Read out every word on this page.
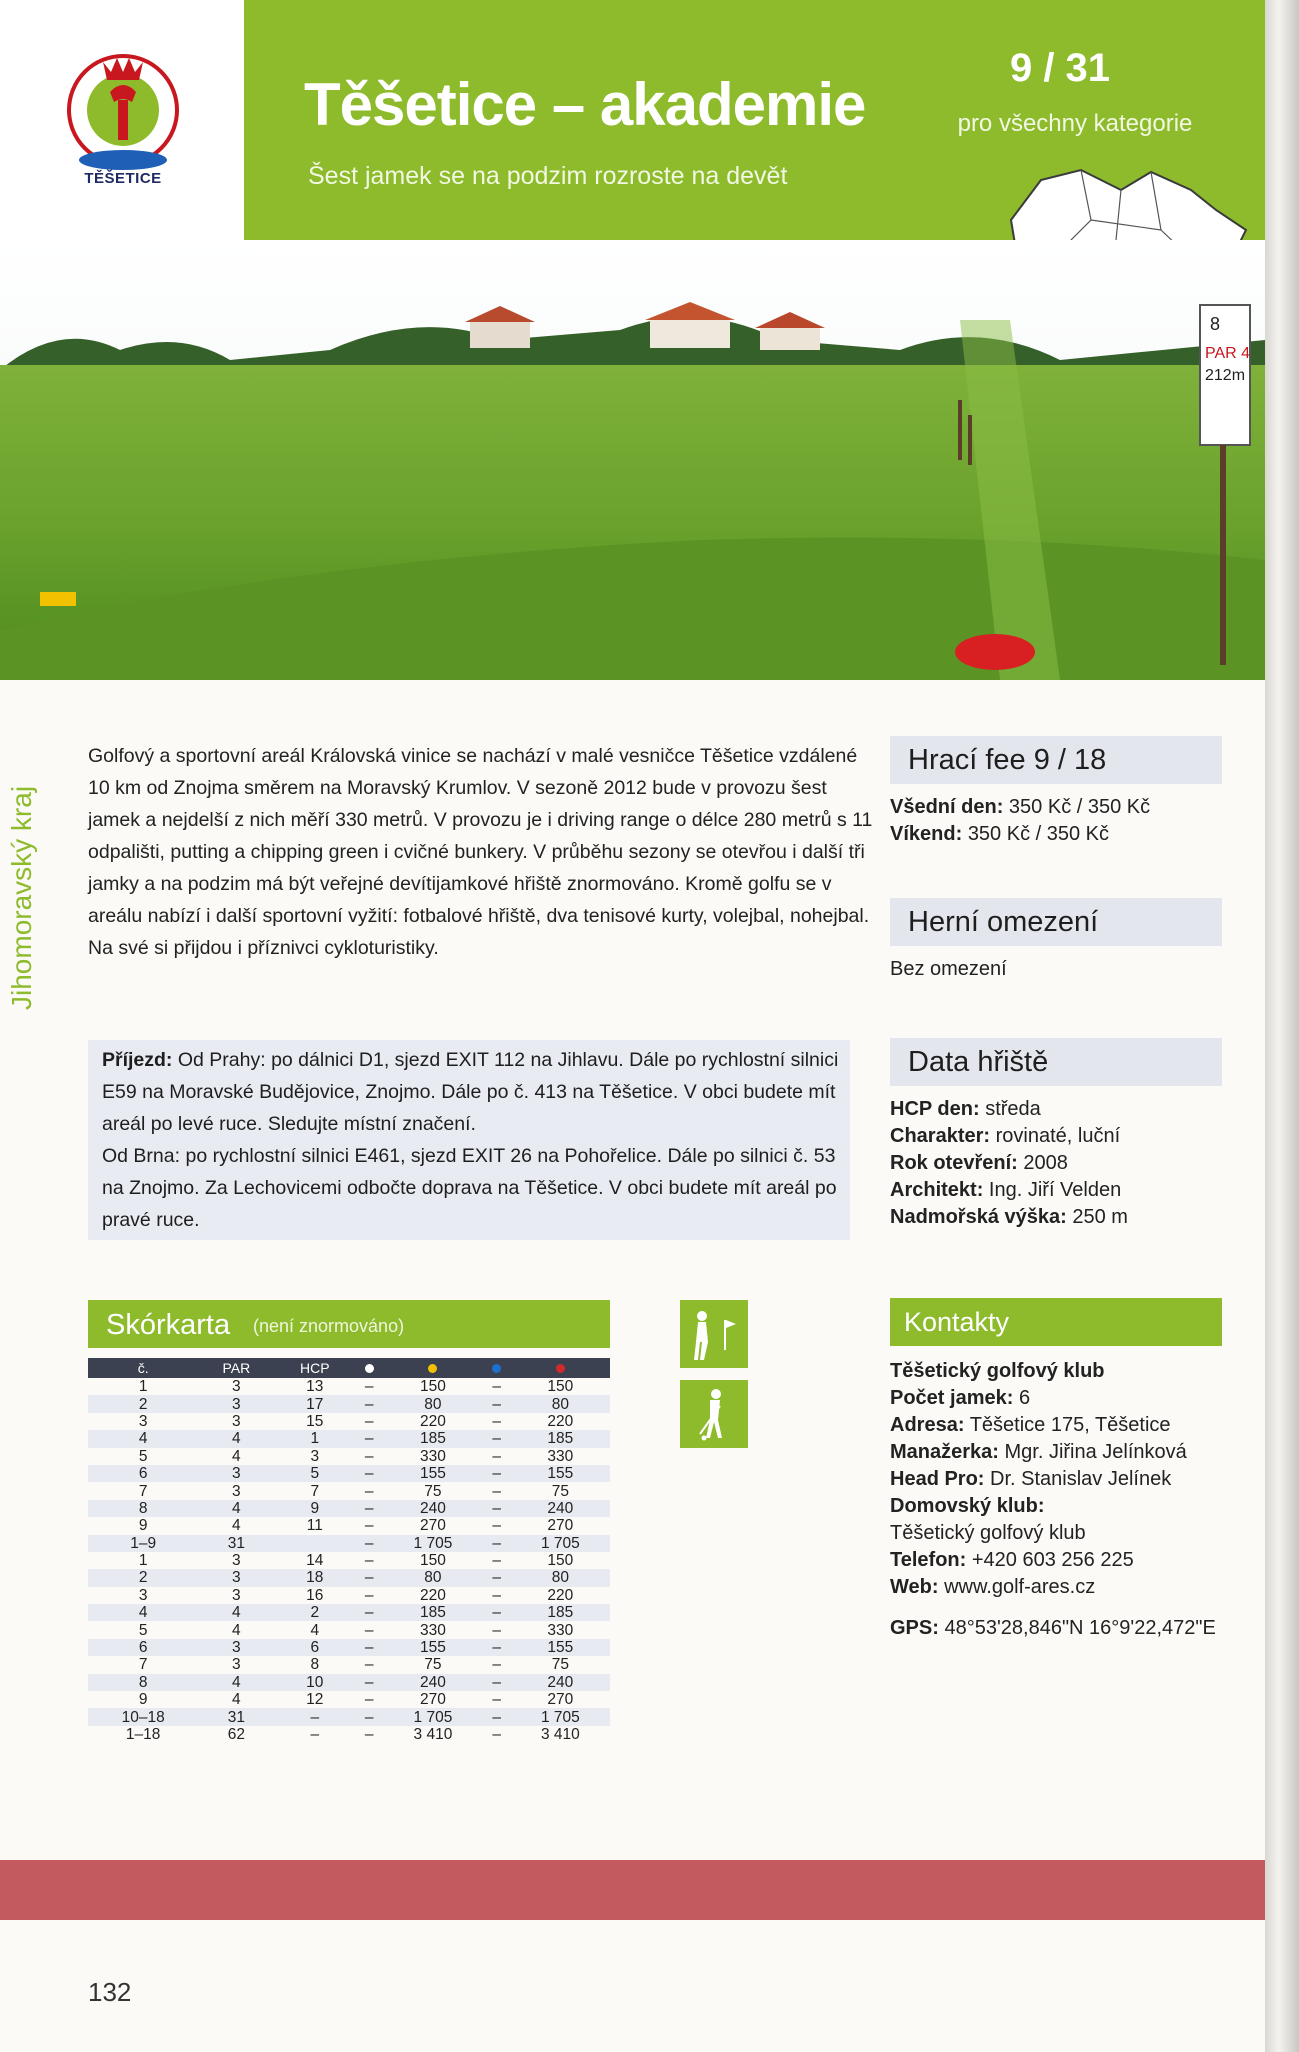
TĚŠETICE
Těšetice – akademie
Šest jamek se na podzim rozroste na devět
9 / 31
pro všechny kategorie
8
PAR 4
212m
Jihomoravský kraj
Golfový a sportovní areál Královská vinice se nachází v malé vesničce Těšetice vzdálené 10 km od Znojma směrem na Moravský Krumlov. V sezoně 2012 bude v provozu šest jamek a nejdelší z nich měří 330 metrů. V provozu je i driving range o délce 280 metrů s 11 odpališti, putting a chipping green i cvičné bunkery. V průběhu sezony se otevřou i další tři jamky a na podzim má být veřejné devítijamkové hřiště znormováno. Kromě golfu se v areálu nabízí i další sportovní vyžití: fotbalové hřiště, dva tenisové kurty, volejbal, nohejbal. Na své si přijdou i příznivci cykloturistiky.

Příjezd: Od Prahy: po dálnici D1, sjezd EXIT 112 na Jihlavu. Dále po rychlostní silnici E59 na Moravské Budějovice, Znojmo. Dále po č. 413 na Těšetice. V obci budete mít areál po levé ruce. Sledujte místní značení.

Od Brna: po rychlostní silnici E461, sjezd EXIT 26 na Pohořelice. Dále po silnici č. 53 na Znojmo. Za Lechovicemi odbočte doprava na Těšetice. V obci budete mít areál po pravé ruce.

Hrací fee 9 / 18
Všední den: 350 Kč / 350 Kč
Víkend: 350 Kč / 350 Kč
Herní omezení
Bez omezení
Data hřiště
HCP den: středa
Charakter: rovinaté, luční
Rok otevření: 2008
Architekt: Ing. Jiří Velden
Nadmořská výška: 250 m
Skórkarta (není znormováno)
č.	PAR	HCP				
1	3	13	–	150	–	150
2	3	17	–	80	–	80
3	3	15	–	220	–	220
4	4	1	–	185	–	185
5	4	3	–	330	–	330
6	3	5	–	155	–	155
7	3	7	–	75	–	75
8	4	9	–	240	–	240
9	4	11	–	270	–	270
1–9	31		–	1 705	–	1 705
1	3	14	–	150	–	150
2	3	18	–	80	–	80
3	3	16	–	220	–	220
4	4	2	–	185	–	185
5	4	4	–	330	–	330
6	3	6	–	155	–	155
7	3	8	–	75	–	75
8	4	10	–	240	–	240
9	4	12	–	270	–	270
10–18	31	–	–	1 705	–	1 705
1–18	62	–	–	3 410	–	3 410
Kontakty
Těšetický golfový klub
Počet jamek: 6
Adresa: Těšetice 175, Těšetice
Manažerka: Mgr. Jiřina Jelínková
Head Pro: Dr. Stanislav Jelínek
Domovský klub:
Těšetický golfový klub
Telefon: +420 603 256 225
Web: www.golf-ares.cz
GPS: 48°53'28,846"N 16°9'22,472"E
132
